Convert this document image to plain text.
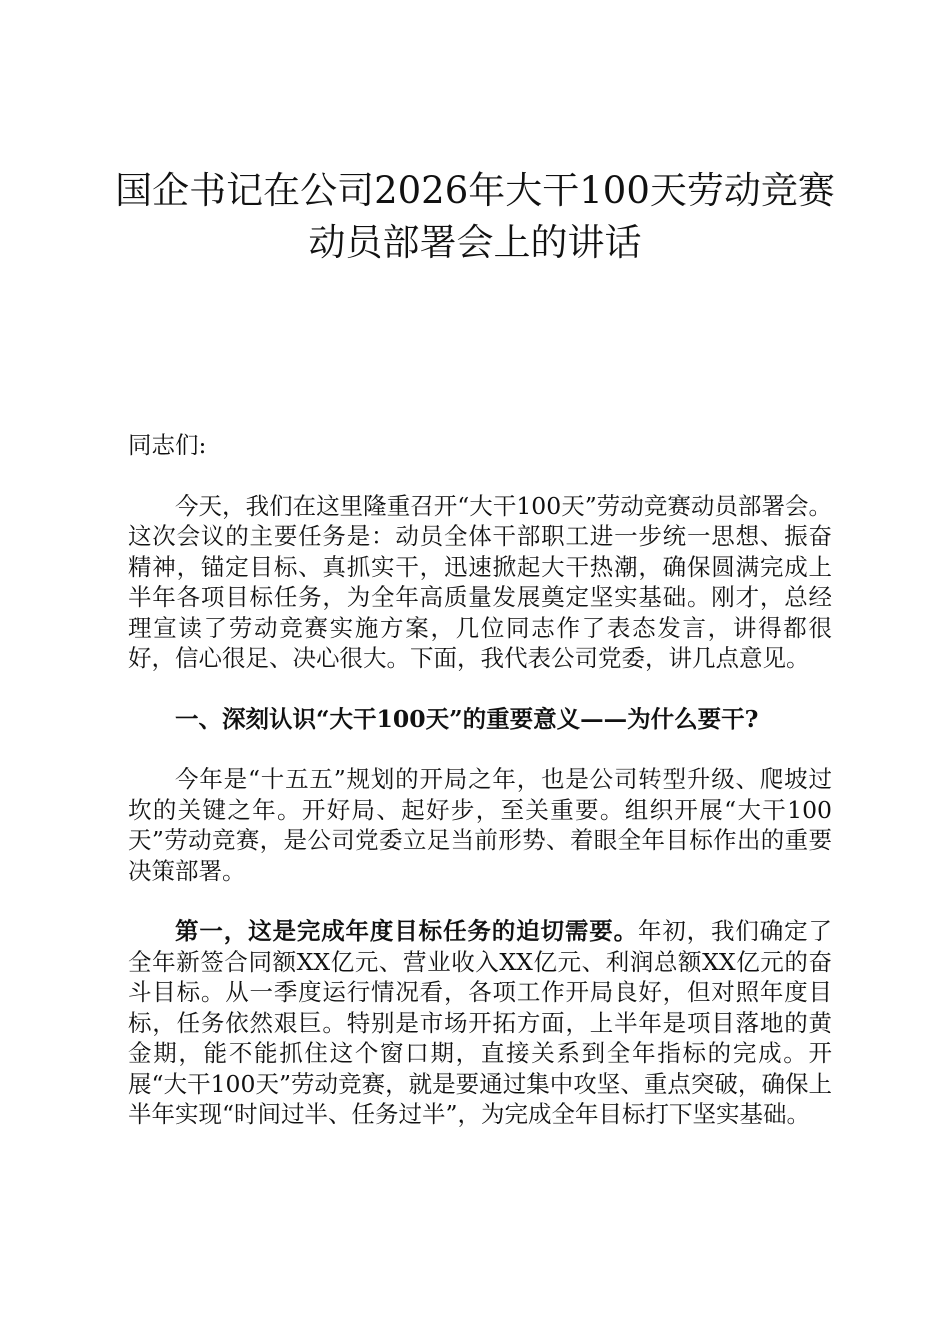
国企书记在公司2026年大干100天劳动竞赛
动员部署会上的讲话

同志们:

今天，我们在这里隆重召开“大干100天”劳动竞赛动员部署会。这次会议的主要任务是：动员全体干部职工进一步统一思想、振奋精神，锚定目标、真抓实干，迅速掀起大干热潮，确保圆满完成上半年各项目标任务，为全年高质量发展奠定坚实基础。刚才，总经理宣读了劳动竞赛实施方案，几位同志作了表态发言，讲得都很好，信心很足、决心很大。下面，我代表公司党委，讲几点意见。

一、深刻认识“大干100天”的重要意义——为什么要干?

今年是“十五五”规划的开局之年，也是公司转型升级、爬坡过坎的关键之年。开好局、起好步，至关重要。组织开展“大干100天”劳动竞赛，是公司党委立足当前形势、着眼全年目标作出的重要决策部署。

第一，这是完成年度目标任务的迫切需要。年初，我们确定了全年新签合同额XX亿元、营业收入XX亿元、利润总额XX亿元的奋斗目标。从一季度运行情况看，各项工作开局良好，但对照年度目标，任务依然艰巨。特别是市场开拓方面，上半年是项目落地的黄金期，能不能抓住这个窗口期，直接关系到全年指标的完成。开展“大干100天”劳动竞赛，就是要通过集中攻坚、重点突破，确保上半年实现“时间过半、任务过半”，为完成全年目标打下坚实基础。
